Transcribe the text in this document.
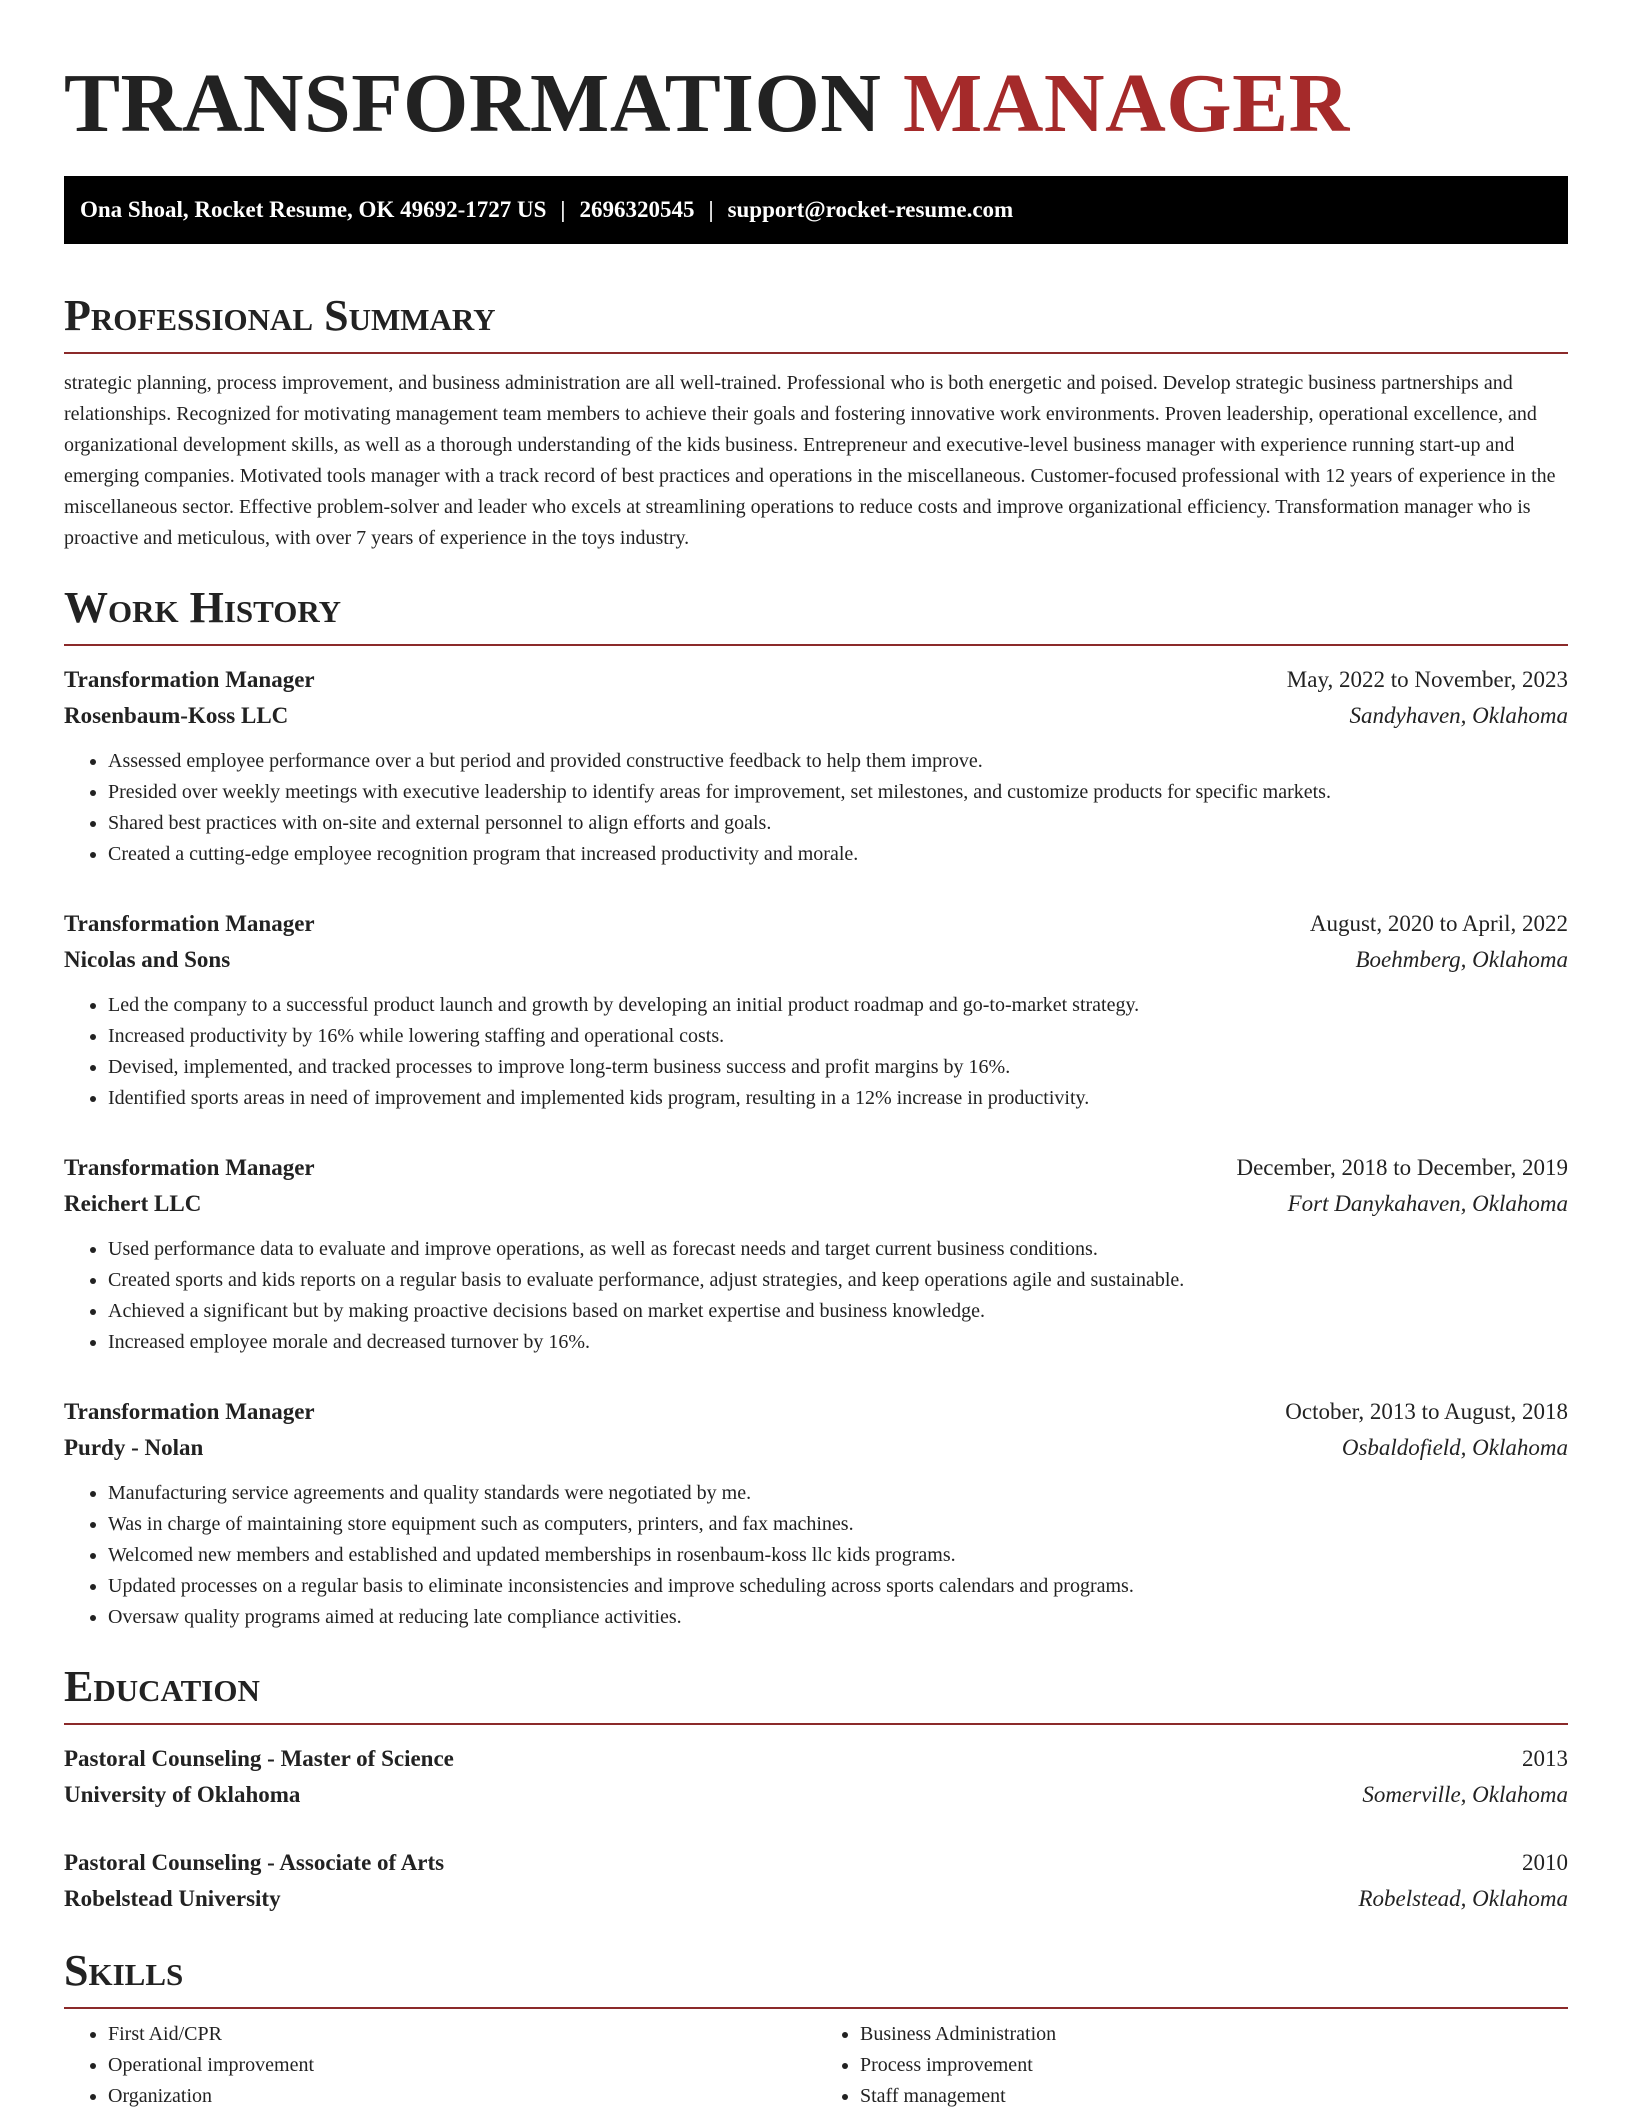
TRANSFORMATION MANAGER
Ona Shoal, Rocket Resume, OK 49692-1727 US | 2696320545 | support@rocket-resume.com
Professional Summary

strategic planning, process improvement, and business administration are all well-trained. Professional who is both energetic and poised. Develop strategic business partnerships and relationships. Recognized for motivating management team members to achieve their goals and fostering innovative work environments. Proven leadership, operational excellence, and organizational development skills, as well as a thorough understanding of the kids business. Entrepreneur and executive-level business manager with experience running start-up and emerging companies. Motivated tools manager with a track record of best practices and operations in the miscellaneous. Customer-focused professional with 12 years of experience in the miscellaneous sector. Effective problem-solver and leader who excels at streamlining operations to reduce costs and improve organizational efficiency. Transformation manager who is proactive and meticulous, with over 7 years of experience in the toys industry.

Work History
Transformation Manager	May, 2022 to November, 2023
Rosenbaum-Koss LLC	Sandyhaven, Oklahoma
• Assessed employee performance over a but period and provided constructive feedback to help them improve.
• Presided over weekly meetings with executive leadership to identify areas for improvement, set milestones, and customize products for specific markets.
• Shared best practices with on-site and external personnel to align efforts and goals.
• Created a cutting-edge employee recognition program that increased productivity and morale.
Transformation Manager	August, 2020 to April, 2022
Nicolas and Sons	Boehmberg, Oklahoma
• Led the company to a successful product launch and growth by developing an initial product roadmap and go-to-market strategy.
• Increased productivity by 16% while lowering staffing and operational costs.
• Devised, implemented, and tracked processes to improve long-term business success and profit margins by 16%.
• Identified sports areas in need of improvement and implemented kids program, resulting in a 12% increase in productivity.
Transformation Manager	December, 2018 to December, 2019
Reichert LLC	Fort Danykahaven, Oklahoma
• Used performance data to evaluate and improve operations, as well as forecast needs and target current business conditions.
• Created sports and kids reports on a regular basis to evaluate performance, adjust strategies, and keep operations agile and sustainable.
• Achieved a significant but by making proactive decisions based on market expertise and business knowledge.
• Increased employee morale and decreased turnover by 16%.
Transformation Manager	October, 2013 to August, 2018
Purdy - Nolan	Osbaldofield, Oklahoma
• Manufacturing service agreements and quality standards were negotiated by me.
• Was in charge of maintaining store equipment such as computers, printers, and fax machines.
• Welcomed new members and established and updated memberships in rosenbaum-koss llc kids programs.
• Updated processes on a regular basis to eliminate inconsistencies and improve scheduling across sports calendars and programs.
• Oversaw quality programs aimed at reducing late compliance activities.
Education
Pastoral Counseling - Master of Science	2013
University of Oklahoma	Somerville, Oklahoma
Pastoral Counseling - Associate of Arts	2010
Robelstead University	Robelstead, Oklahoma
Skills
• First Aid/CPR
• Operational improvement
• Organization
• Business Administration
• Process improvement
• Staff management
